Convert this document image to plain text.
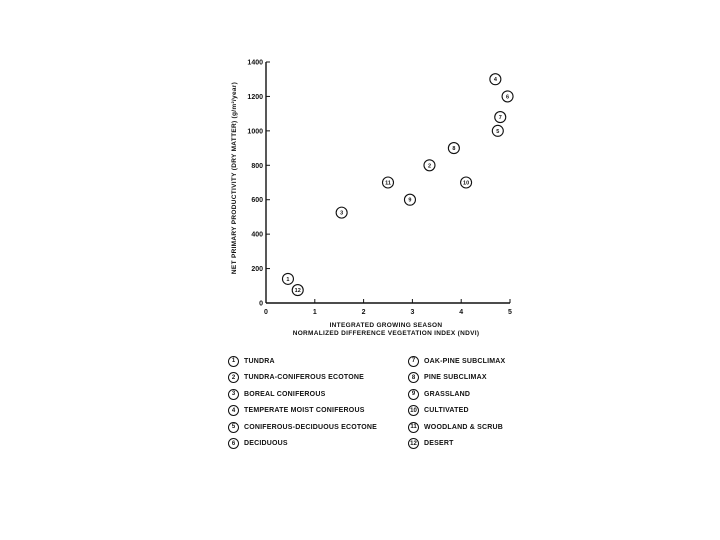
0
200
400
600
800
1000
1200
1400
0	1	2	3	4	5
1
12
3
11
9
2
8
10
4
6
7
5
NET PRIMARY PRODUCTIVITY (DRY MATTER) (g/m²/year)
INTEGRATED GROWING SEASON
NORMALIZED DIFFERENCE VEGETATION INDEX (NDVI)
1	TUNDRA
2	TUNDRA-CONIFEROUS ECOTONE
3	BOREAL CONIFEROUS
4	TEMPERATE MOIST CONIFEROUS
5	CONIFEROUS-DECIDUOUS ECOTONE
6	DECIDUOUS
7	OAK-PINE SUBCLIMAX
8	PINE SUBCLIMAX
9	GRASSLAND
10	CULTIVATED
11	WOODLAND & SCRUB
12	DESERT
